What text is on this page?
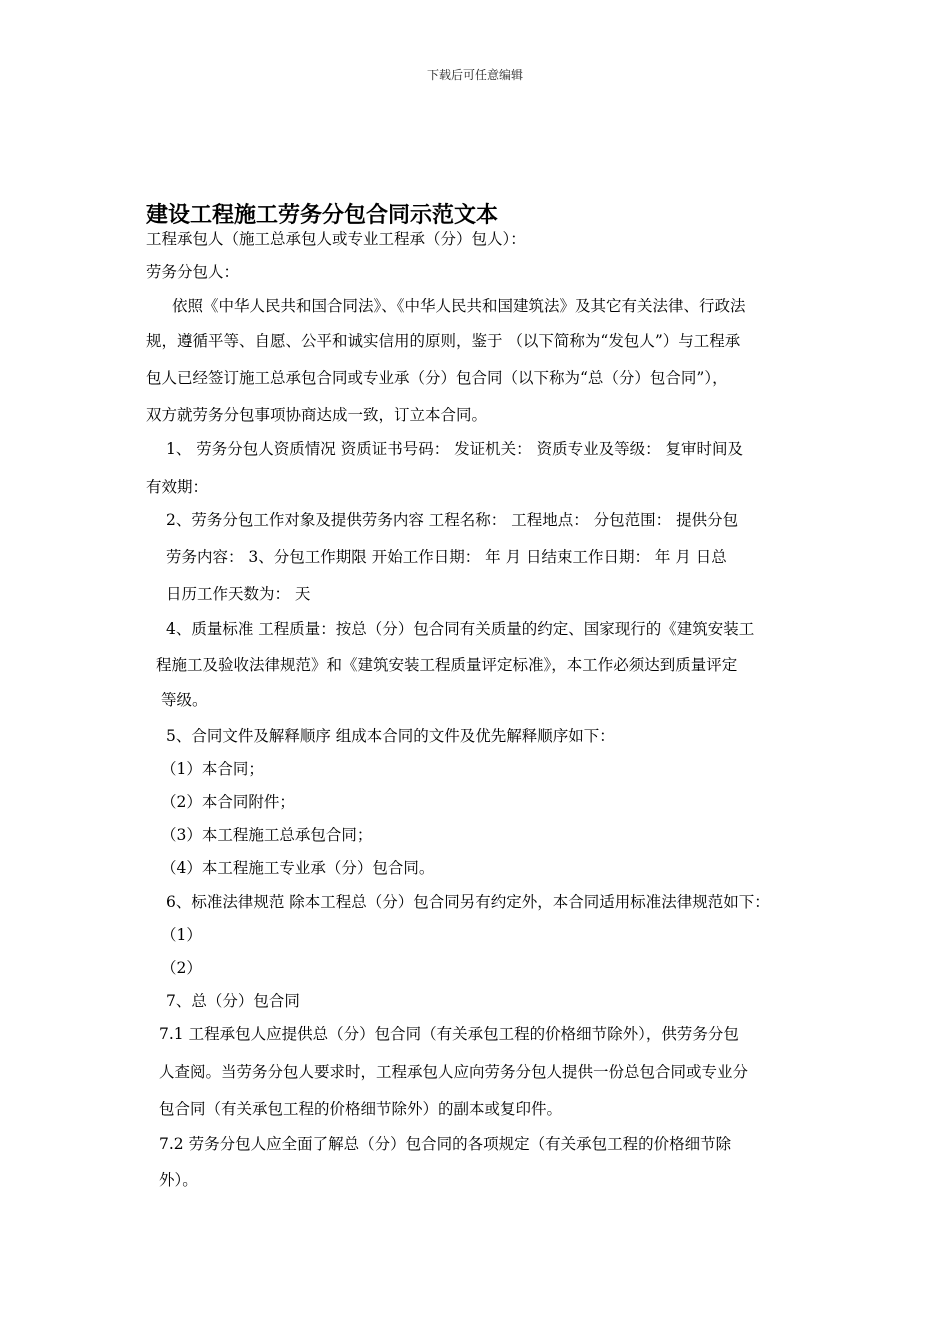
下载后可任意编辑
建设工程施工劳务分包合同示范文本
工程承包人（施工总承包人或专业工程承（分）包人）：
劳务分包人：
依照《中华人民共和国合同法》、《中华人民共和国建筑法》及其它有关法律、行政法
规，遵循平等、自愿、公平和诚实信用的原则，鉴于 （以下简称为“发包人”）与工程承
包人已经签订施工总承包合同或专业承（分）包合同（以下称为“总（分）包合同”），
双方就劳务分包事项协商达成一致，订立本合同。
1、 劳务分包人资质情况 资质证书号码： 发证机关： 资质专业及等级： 复审时间及
有效期：
2、劳务分包工作对象及提供劳务内容 工程名称： 工程地点： 分包范围： 提供分包
劳务内容： 3、分包工作期限 开始工作日期： 年 月 日结束工作日期： 年 月 日总
日历工作天数为： 天
4、质量标准 工程质量：按总（分）包合同有关质量的约定、国家现行的《建筑安装工
程施工及验收法律规范》和《建筑安装工程质量评定标准》，本工作必须达到质量评定
等级。
5、合同文件及解释顺序 组成本合同的文件及优先解释顺序如下：
（1）本合同；
（2）本合同附件；
（3）本工程施工总承包合同；
（4）本工程施工专业承（分）包合同。
6、标准法律规范 除本工程总（分）包合同另有约定外，本合同适用标准法律规范如下：
（1）
（2）
7、总（分）包合同
7.1 工程承包人应提供总（分）包合同（有关承包工程的价格细节除外），供劳务分包
人查阅。当劳务分包人要求时，工程承包人应向劳务分包人提供一份总包合同或专业分
包合同（有关承包工程的价格细节除外）的副本或复印件。
7.2 劳务分包人应全面了解总（分）包合同的各项规定（有关承包工程的价格细节除
外）。
